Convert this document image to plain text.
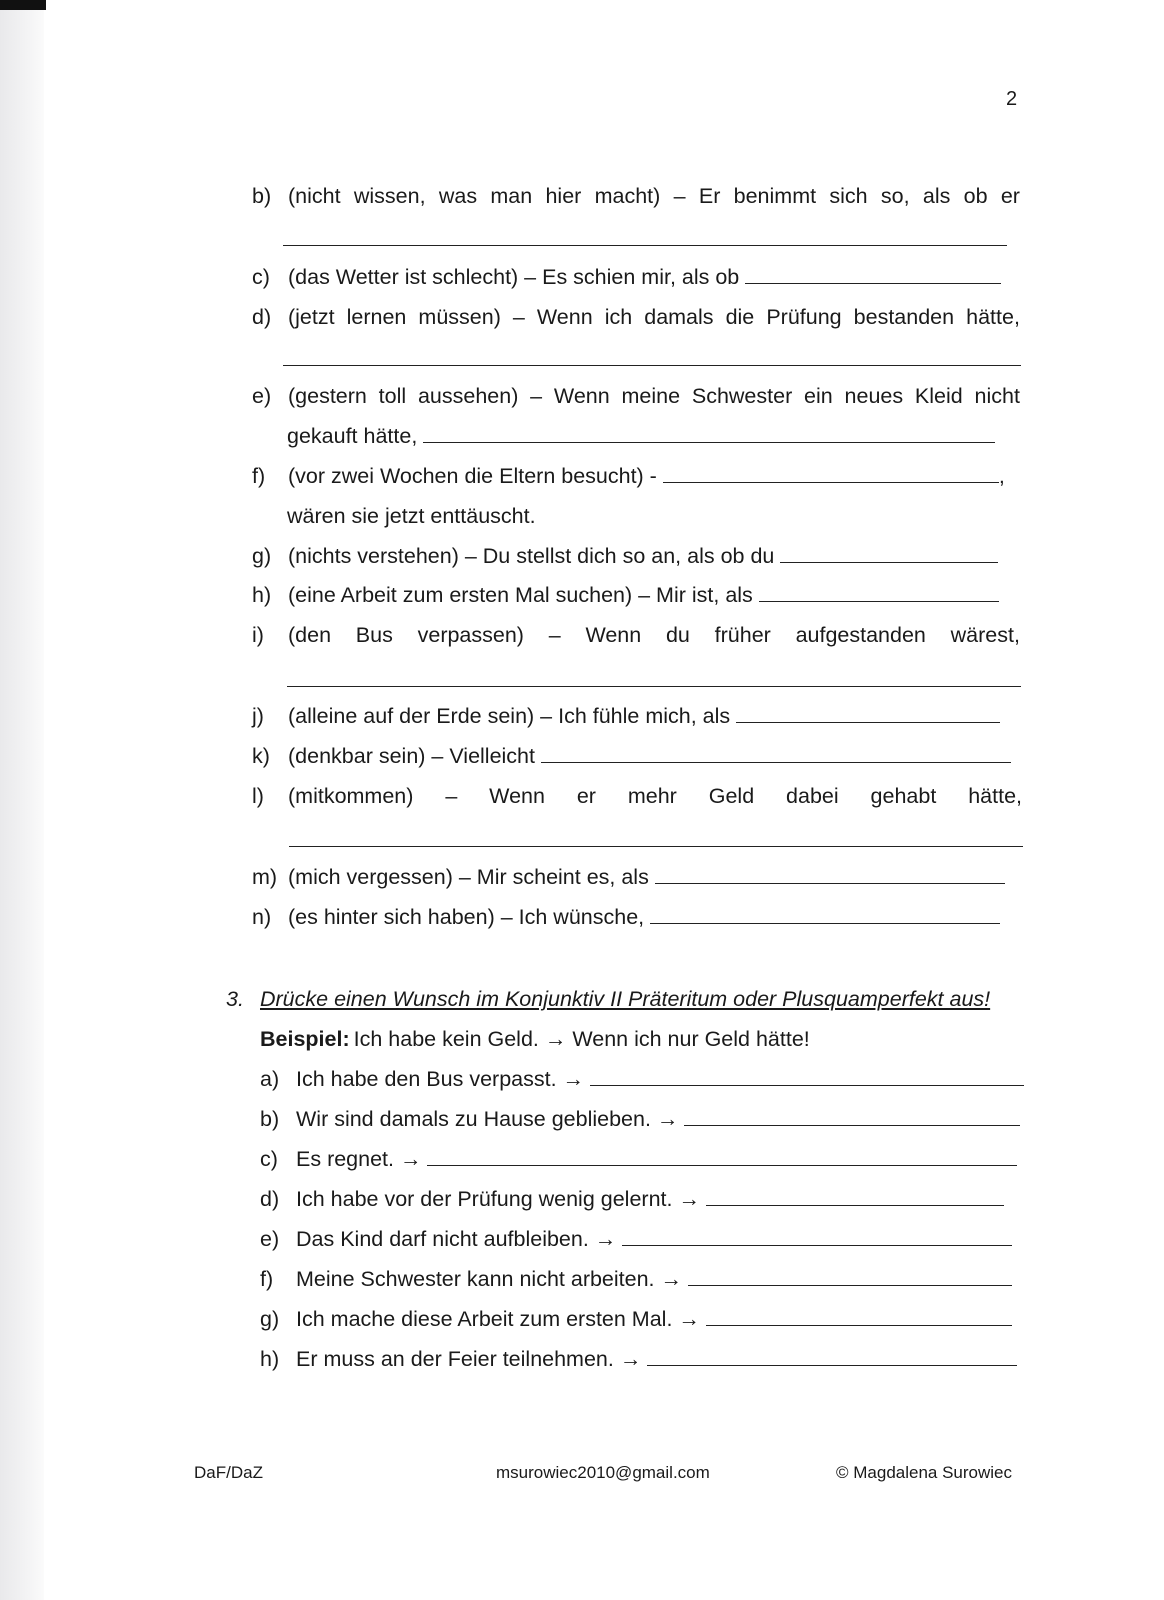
2
b) (nicht wissen, was man hier macht) – Er benimmt sich so, als ob er
c) (das Wetter ist schlecht) – Es schien mir, als ob
d) (jetzt lernen müssen) – Wenn ich damals die Prüfung bestanden hätte,
e) (gestern toll aussehen) – Wenn meine Schwester ein neues Kleid nicht
gekauft hätte,
f)	(vor zwei Wochen die Eltern besucht) -	,
wären sie jetzt enttäuscht.
g) (nichts verstehen) – Du stellst dich so an, als ob du
h) (eine Arbeit zum ersten Mal suchen) – Mir ist, als
i)	(den Bus verpassen) – Wenn du früher aufgestanden wärest,
j)	(alleine auf der Erde sein) – Ich fühle mich, als
k) (denkbar sein) – Vielleicht
l)	(mitkommen) – Wenn er mehr Geld dabei gehabt hätte,
m) (mich vergessen) – Mir scheint es, als
n) (es hinter sich haben) – Ich wünsche,
3. Drücke einen Wunsch im Konjunktiv II Präteritum oder Plusquamperfekt aus!
Beispiel: Ich habe kein Geld. → Wenn ich nur Geld hätte!
a) Ich habe den Bus verpasst. →
b) Wir sind damals zu Hause geblieben. →
c) Es regnet. →
d) Ich habe vor der Prüfung wenig gelernt. →
e) Das Kind darf nicht aufbleiben. →
f)	Meine Schwester kann nicht arbeiten. →
g) Ich mache diese Arbeit zum ersten Mal. →
h) Er muss an der Feier teilnehmen. →
DaF/DaZ	msurowiec2010@gmail.com	© Magdalena Surowiec
